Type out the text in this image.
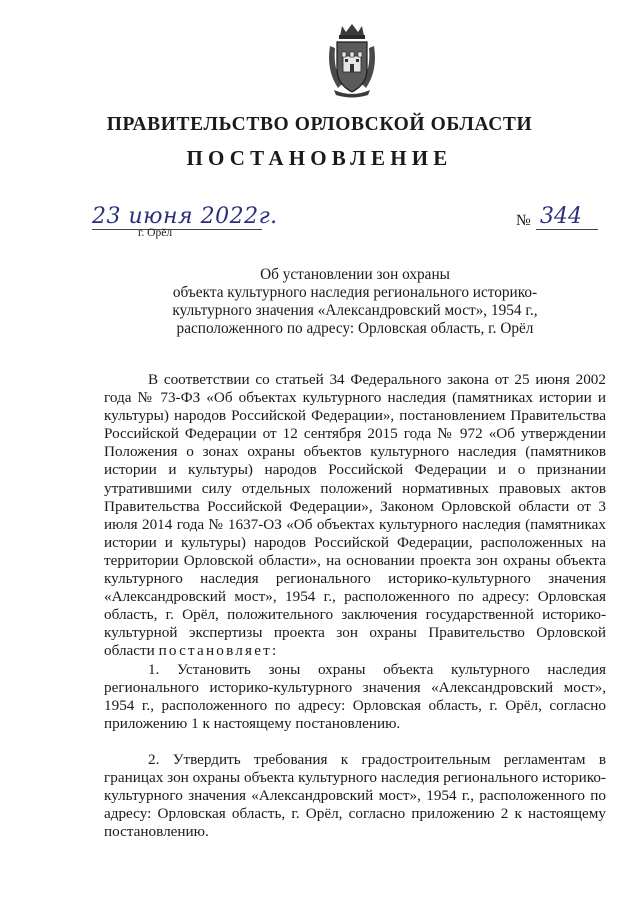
ПРАВИТЕЛЬСТВО ОРЛОВСКОЙ ОБЛАСТИ
ПОСТАНОВЛЕНИЕ
23 июня 2022г.
г. Орёл
№ 344
Об установлении зон охраны
объекта культурного наследия регионального историко-
культурного значения «Александровский мост», 1954 г.,
расположенного по адресу: Орловская область, г. Орёл
В соответствии со статьей 34 Федерального закона от 25 июня 2002 года № 73-ФЗ «Об объектах культурного наследия (памятниках истории и культуры) народов Российской Федерации», постановлением Правительства Российской Федерации от 12 сентября 2015 года № 972 «Об утверждении Положения о зонах охраны объектов культурного наследия (памятников истории и культуры) народов Российской Федерации и о признании утратившими силу отдельных положений нормативных правовых актов Правительства Российской Федерации», Законом Орловской области от 3 июля 2014 года № 1637-ОЗ «Об объектах культурного наследия (памятниках истории и культуры) народов Российской Федерации, расположенных на территории Орловской области», на основании проекта зон охраны объекта культурного наследия регионального историко-культурного значения «Александровский мост», 1954 г., расположенного по адресу: Орловская область, г. Орёл, положительного заключения государственной историко-культурной экспертизы проекта зон охраны Правительство Орловской области постановляет:
1. Установить зоны охраны объекта культурного наследия регионального историко-культурного значения «Александровский мост», 1954 г., расположенного по адресу: Орловская область, г. Орёл, согласно приложению 1 к настоящему постановлению.
2. Утвердить требования к градостроительным регламентам в границах зон охраны объекта культурного наследия регионального историко-культурного значения «Александровский мост», 1954 г., расположенного по адресу: Орловская область, г. Орёл, согласно приложению 2 к настоящему постановлению.
